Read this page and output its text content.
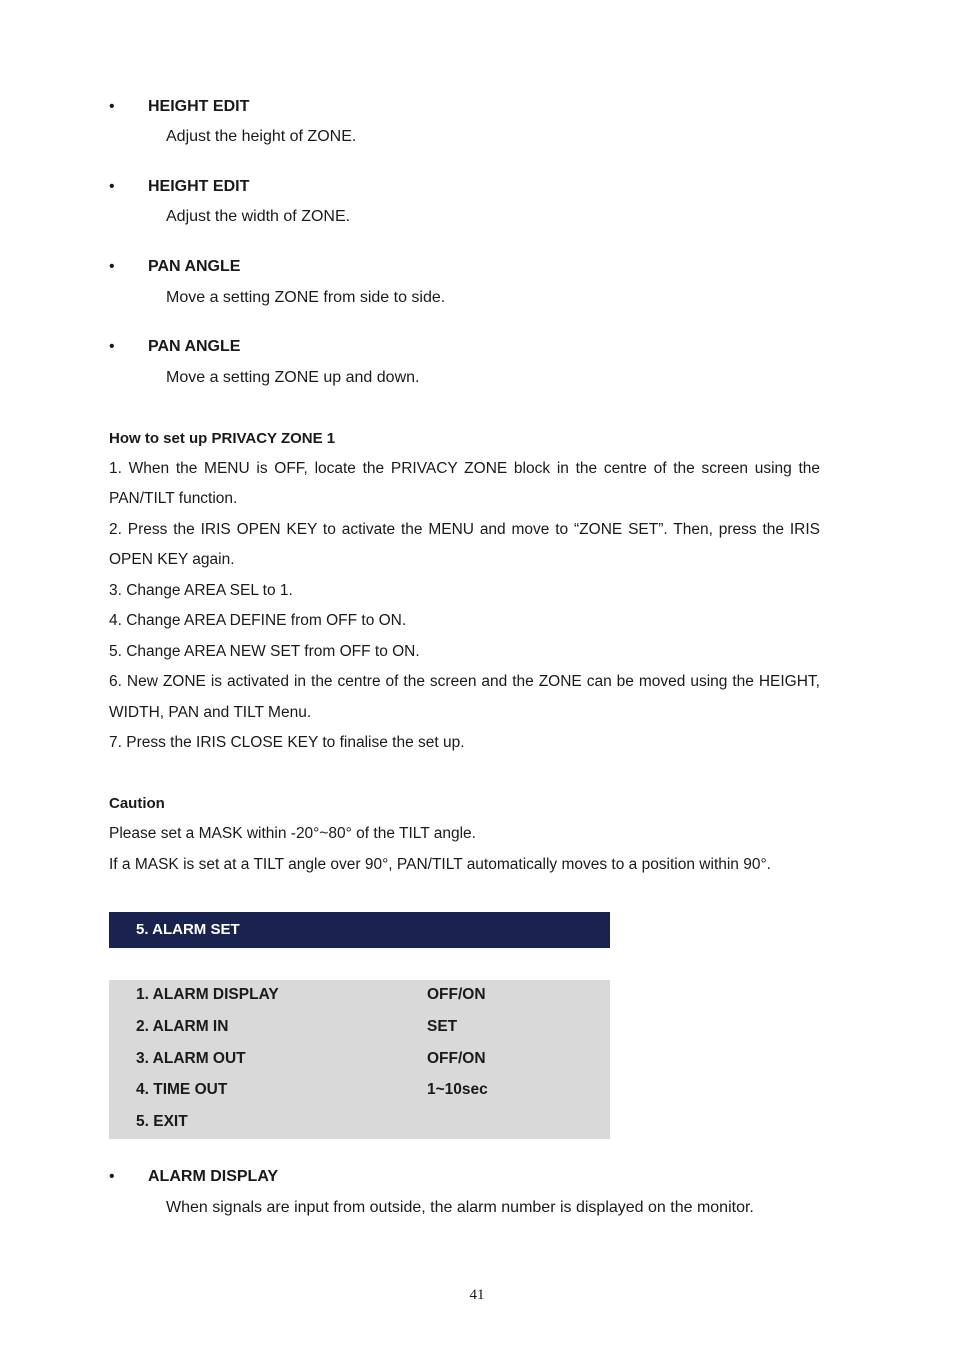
• HEIGHT EDIT
Adjust the height of ZONE.
• HEIGHT EDIT
Adjust the width of ZONE.
• PAN ANGLE
Move a setting ZONE from side to side.
• PAN ANGLE
Move a setting ZONE up and down.
How to set up PRIVACY ZONE 1
1. When the MENU is OFF, locate the PRIVACY ZONE block in the centre of the screen using the
PAN/TILT function.
2. Press the IRIS OPEN KEY to activate the MENU and move to “ZONE SET”. Then, press the IRIS
OPEN KEY again.
3. Change AREA SEL to 1.
4. Change AREA DEFINE from OFF to ON.
5. Change AREA NEW SET from OFF to ON.
6. New ZONE is activated in the centre of the screen and the ZONE can be moved using the HEIGHT,
WIDTH, PAN and TILT Menu.
7. Press the IRIS CLOSE KEY to finalise the set up.
Caution
Please set a MASK within -20°~80° of the TILT angle.
If a MASK is set at a TILT angle over 90°, PAN/TILT automatically moves to a position within 90°.
5. ALARM SET
1. ALARM DISPLAY	OFF/ON
2. ALARM IN	SET
3. ALARM OUT	OFF/ON
4. TIME OUT	1~10sec
5. EXIT
• ALARM DISPLAY
When signals are input from outside, the alarm number is displayed on the monitor.
41
